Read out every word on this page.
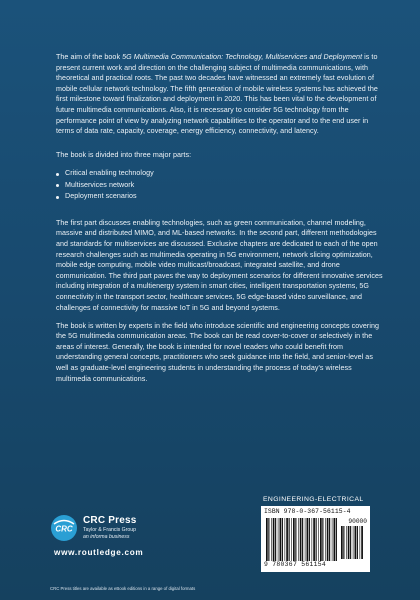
The aim of the book 5G Multimedia Communication: Technology, Multiservices and Deployment is to present current work and direction on the challenging subject of multimedia communications, with theoretical and practical roots. The past two decades have witnessed an extremely fast evolution of mobile cellular network technology. The fifth generation of mobile wireless systems has achieved the first milestone toward finalization and deployment in 2020. This has been vital to the development of future multimedia communications. Also, it is necessary to consider 5G technology from the performance point of view by analyzing network capabilities to the operator and to the end user in terms of data rate, capacity, coverage, energy efficiency, connectivity, and latency.

The book is divided into three major parts:

Critical enabling technology
Multiservices network
Deployment scenarios

The first part discusses enabling technologies, such as green communication, channel modeling, massive and distributed MIMO, and ML-based networks. In the second part, different methodologies and standards for multiservices are discussed. Exclusive chapters are dedicated to each of the open research challenges such as multimedia operating in 5G environment, network slicing optimization, mobile edge computing, mobile video multicast/broadcast, integrated satellite, and drone communication. The third part paves the way to deployment scenarios for different innovative services including integration of a multienergy system in smart cities, intelligent transportation systems, 5G connectivity in the transport sector, healthcare services, 5G edge-based video surveillance, and challenges of connectivity for massive IoT in 5G and beyond systems.

The book is written by experts in the field who introduce scientific and engineering concepts covering the 5G multimedia communication areas. The book can be read cover-to-cover or selectively in the areas of interest. Generally, the book is intended for novel readers who could benefit from understanding general concepts, practitioners who seek guidance into the field, and senior-level as well as graduate-level engineering students in understanding the process of today's wireless multimedia communications.

CRC
CRC Press
Taylor & Francis Group
an informa business
www.routledge.com
CRC Press titles are available as eBook editions in a range of digital formats
ENGINEERING-ELECTRICAL
ISBN 978-0-367-56115-4
90000
9 780367 561154
